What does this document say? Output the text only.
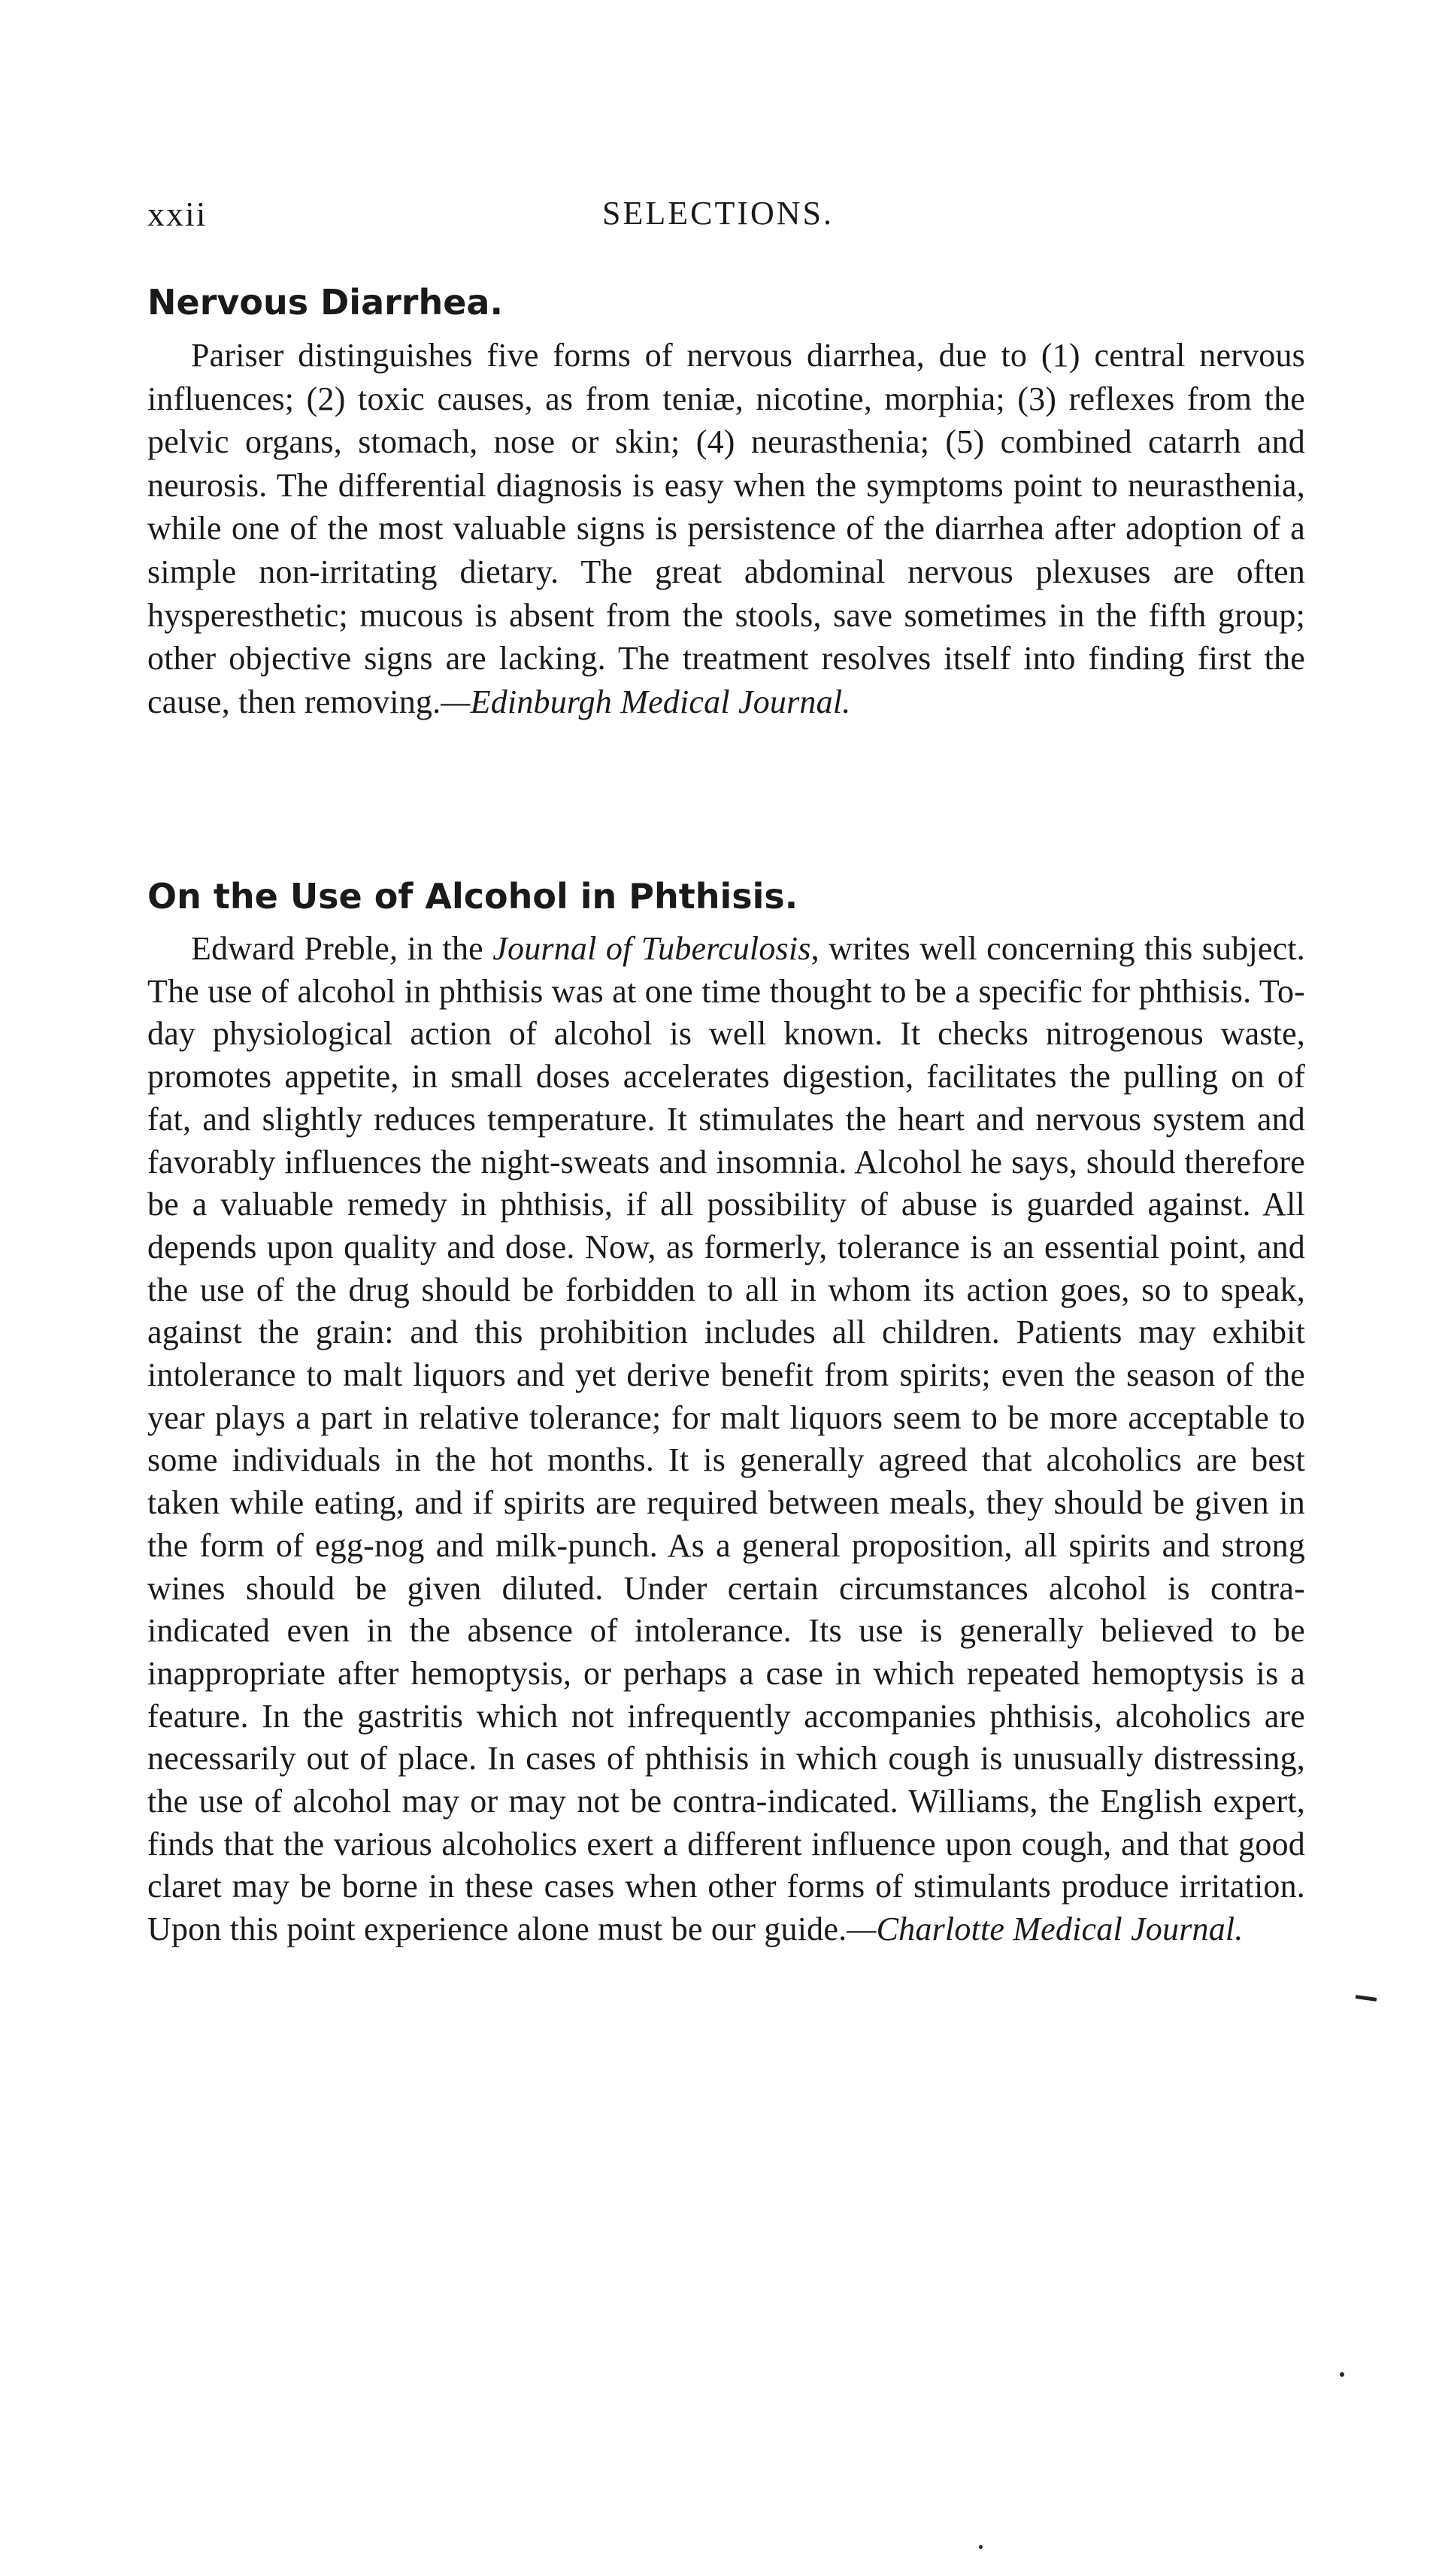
xxii	SELECTIONS.
Nervous Diarrhea.

Pariser distinguishes five forms of nervous diarrhea, due to (1) central nervous influences; (2) toxic causes, as from teniæ, nicotine, morphia; (3) reflexes from the pelvic organs, stomach, nose or skin; (4) neurasthenia; (5) combined catarrh and neurosis. The differential diagnosis is easy when the symptoms point to neurasthenia, while one of the most valuable signs is persistence of the diarrhea after adoption of a simple non-irritating dietary. The great abdominal nervous plexuses are often hysperesthetic; mucous is absent from the stools, save sometimes in the fifth group; other objective signs are lacking. The treatment resolves itself into finding first the cause, then removing.—Edinburgh Medical Journal.

On the Use of Alcohol in Phthisis.

Edward Preble, in the Journal of Tuberculosis, writes well concerning this subject. The use of alcohol in phthisis was at one time thought to be a specific for phthisis. To-day physiological action of alcohol is well known. It checks nitrogenous waste, promotes appetite, in small doses accelerates digestion, facilitates the pulling on of fat, and slightly reduces temperature. It stimulates the heart and nervous system and favorably influences the night-sweats and insomnia. Alcohol he says, should therefore be a valuable remedy in phthisis, if all possibility of abuse is guarded against. All depends upon quality and dose. Now, as formerly, tolerance is an essential point, and the use of the drug should be forbidden to all in whom its action goes, so to speak, against the grain: and this prohibition includes all children. Patients may exhibit intolerance to malt liquors and yet derive benefit from spirits; even the season of the year plays a part in relative tolerance; for malt liquors seem to be more acceptable to some individuals in the hot months. It is generally agreed that alcoholics are best taken while eating, and if spirits are required between meals, they should be given in the form of egg-nog and milk-punch. As a general proposition, all spirits and strong wines should be given diluted. Under certain circumstances alcohol is contra-indicated even in the absence of intolerance. Its use is generally believed to be inappropriate after hemoptysis, or perhaps a case in which repeated hemoptysis is a feature. In the gastritis which not infrequently accompanies phthisis, alcoholics are necessarily out of place. In cases of phthisis in which cough is unusually distressing, the use of alcohol may or may not be contra-indicated. Williams, the English expert, finds that the various alcoholics exert a different influence upon cough, and that good claret may be borne in these cases when other forms of stimulants produce irritation. Upon this point experience alone must be our guide.—Charlotte Medical Journal.
